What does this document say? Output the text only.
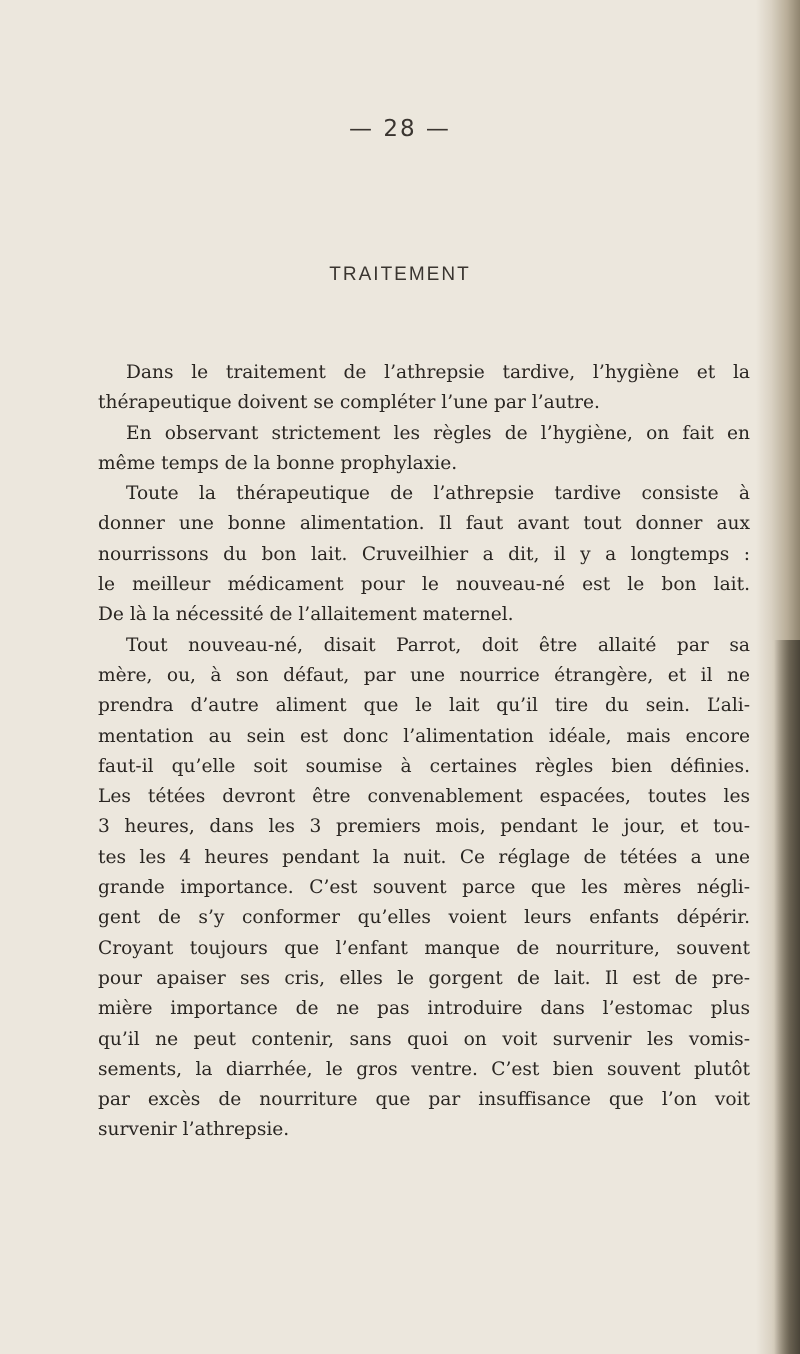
— 28 —
TRAITEMENT
Dans le traitement de l’athrepsie tardive, l’hygiène et la
thérapeutique doivent se compléter l’une par l’autre.
En observant strictement les règles de l’hygiène, on fait en
même temps de la bonne prophylaxie.
Toute la thérapeutique de l’athrepsie tardive consiste à
donner une bonne alimentation. Il faut avant tout donner aux
nourrissons du bon lait. Cruveilhier a dit, il y a longtemps :
le meilleur médicament pour le nouveau-né est le bon lait.
De là la nécessité de l’allaitement maternel.
Tout nouveau-né, disait Parrot, doit être allaité par sa
mère, ou, à son défaut, par une nourrice étrangère, et il ne
prendra d’autre aliment que le lait qu’il tire du sein. L’ali-
mentation au sein est donc l’alimentation idéale, mais encore
faut-il qu’elle soit soumise à certaines règles bien définies.
Les tétées devront être convenablement espacées, toutes les
3 heures, dans les 3 premiers mois, pendant le jour, et tou-
tes les 4 heures pendant la nuit. Ce réglage de tétées a une
grande importance. C’est souvent parce que les mères négli-
gent de s’y conformer qu’elles voient leurs enfants dépérir.
Croyant toujours que l’enfant manque de nourriture, souvent
pour apaiser ses cris, elles le gorgent de lait. Il est de pre-
mière importance de ne pas introduire dans l’estomac plus
qu’il ne peut contenir, sans quoi on voit survenir les vomis-
sements, la diarrhée, le gros ventre. C’est bien souvent plutôt
par excès de nourriture que par insuffisance que l’on voit
survenir l’athrepsie.
